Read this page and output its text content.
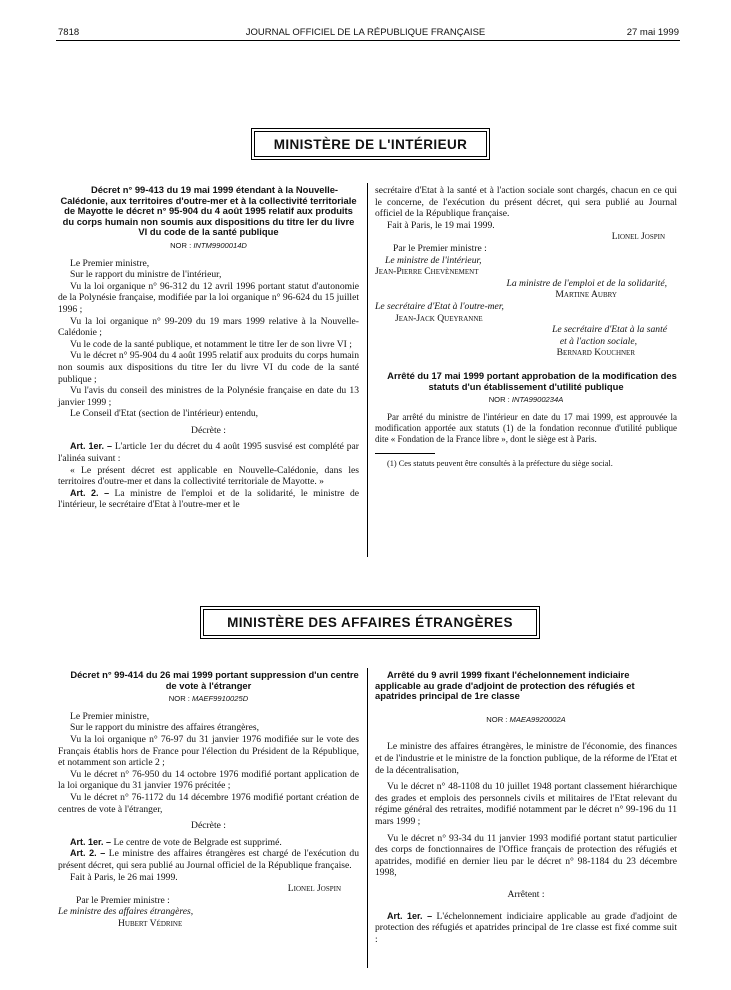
7818	JOURNAL OFFICIEL DE LA RÉPUBLIQUE FRANÇAISE	27 mai 1999
MINISTÈRE DE L'INTÉRIEUR

Décret n° 99-413 du 19 mai 1999 étendant à la Nouvelle-Calédonie, aux territoires d'outre-mer et à la collectivité territoriale de Mayotte le décret n° 95-904 du 4 août 1995 relatif aux produits du corps humain non soumis aux dispositions du titre Ier du livre VI du code de la santé publique

NOR : INTM9900014D

Le Premier ministre,

Sur le rapport du ministre de l'intérieur,

Vu la loi organique n° 96-312 du 12 avril 1996 portant statut d'autonomie de la Polynésie française, modifiée par la loi organique n° 96-624 du 15 juillet 1996 ;

Vu la loi organique n° 99-209 du 19 mars 1999 relative à la Nouvelle-Calédonie ;

Vu le code de la santé publique, et notamment le titre Ier de son livre VI ;

Vu le décret n° 95-904 du 4 août 1995 relatif aux produits du corps humain non soumis aux dispositions du titre Ier du livre VI du code de la santé publique ;

Vu l'avis du conseil des ministres de la Polynésie française en date du 13 janvier 1999 ;

Le Conseil d'Etat (section de l'intérieur) entendu,

Décrète :

Art. 1er. – L'article 1er du décret du 4 août 1995 susvisé est complété par l'alinéa suivant :

« Le présent décret est applicable en Nouvelle-Calédonie, dans les territoires d'outre-mer et dans la collectivité territoriale de Mayotte. »

Art. 2. – La ministre de l'emploi et de la solidarité, le ministre de l'intérieur, le secrétaire d'Etat à l'outre-mer et le

secrétaire d'Etat à la santé et à l'action sociale sont chargés, chacun en ce qui le concerne, de l'exécution du présent décret, qui sera publié au Journal officiel de la République française.

Fait à Paris, le 19 mai 1999.

Lionel Jospin

Par le Premier ministre :

Le ministre de l'intérieur,

Jean-Pierre Chevènement

La ministre de l'emploi et de la solidarité,

Martine Aubry

Le secrétaire d'Etat à l'outre-mer,

Jean-Jack Queyranne

Le secrétaire d'Etat à la santé

et à l'action sociale,

Bernard Kouchner

Arrêté du 17 mai 1999 portant approbation de la modification des statuts d'un établissement d'utilité publique

NOR : INTA9900234A

Par arrêté du ministre de l'intérieur en date du 17 mai 1999, est approuvée la modification apportée aux statuts (1) de la fondation reconnue d'utilité publique dite « Fondation de la France libre », dont le siège est à Paris.

(1) Ces statuts peuvent être consultés à la préfecture du siège social.

MINISTÈRE DES AFFAIRES ÉTRANGÈRES

Décret n° 99-414 du 26 mai 1999 portant suppression d'un centre de vote à l'étranger

NOR : MAEF9910025D

Le Premier ministre,

Sur le rapport du ministre des affaires étrangères,

Vu la loi organique n° 76-97 du 31 janvier 1976 modifiée sur le vote des Français établis hors de France pour l'élection du Président de la République, et notamment son article 2 ;

Vu le décret n° 76-950 du 14 octobre 1976 modifié portant application de la loi organique du 31 janvier 1976 précitée ;

Vu le décret n° 76-1172 du 14 décembre 1976 modifié portant création de centres de vote à l'étranger,

Décrète :

Art. 1er. – Le centre de vote de Belgrade est supprimé.

Art. 2. – Le ministre des affaires étrangères est chargé de l'exécution du présent décret, qui sera publié au Journal officiel de la République française.

Fait à Paris, le 26 mai 1999.

Lionel Jospin

Par le Premier ministre :

Le ministre des affaires étrangères,

Hubert Védrine

Arrêté du 9 avril 1999 fixant l'échelonnement indiciaire applicable au grade d'adjoint de protection des réfugiés et apatrides principal de 1re classe

NOR : MAEA9920002A

Le ministre des affaires étrangères, le ministre de l'économie, des finances et de l'industrie et le ministre de la fonction publique, de la réforme de l'Etat et de la décentralisation,

Vu le décret n° 48-1108 du 10 juillet 1948 portant classement hiérarchique des grades et emplois des personnels civils et militaires de l'Etat relevant du régime général des retraites, modifié notamment par le décret n° 99-196 du 11 mars 1999 ;

Vu le décret n° 93-34 du 11 janvier 1993 modifié portant statut particulier des corps de fonctionnaires de l'Office français de protection des réfugiés et apatrides, modifié en dernier lieu par le décret n° 98-1184 du 23 décembre 1998,

Arrêtent :

Art. 1er. – L'échelonnement indiciaire applicable au grade d'adjoint de protection des réfugiés et apatrides principal de 1re classe est fixé comme suit :
